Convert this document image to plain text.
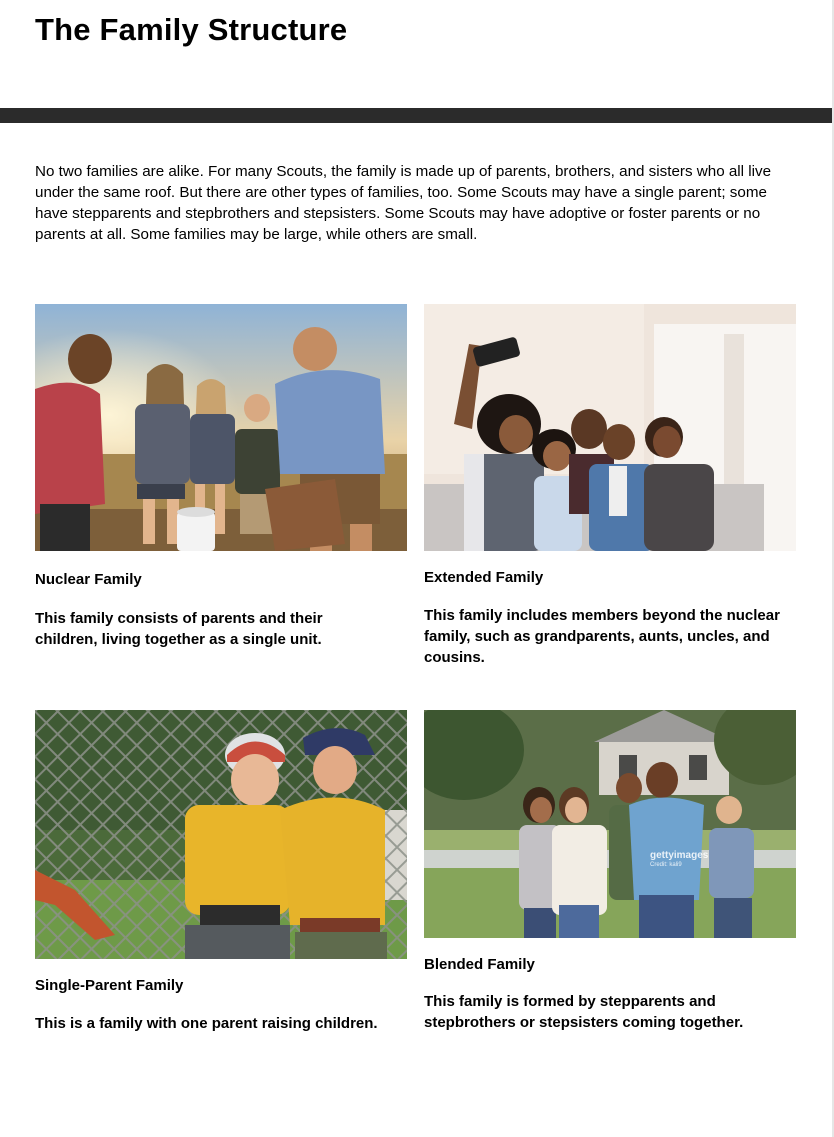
The Family Structure

No two families are alike. For many Scouts, the family is made up of parents, brothers, and sisters who all live under the same roof. But there are other types of families, too. Some Scouts may have a single parent; some have stepparents and stepbrothers and stepsisters. Some Scouts may have adoptive or foster parents or no parents at all. Some families may be large, while others are small.

Nuclear Family

This family consists of parents and their children, living together as a single unit.

Extended Family

This family includes members beyond the nuclear family, such as grandparents, aunts, uncles, and cousins.

Single-Parent Family

This is a family with one parent raising children.

gettyimages
Credit: kali9

Blended Family

This family is formed by stepparents and stepbrothers or stepsisters coming together.
